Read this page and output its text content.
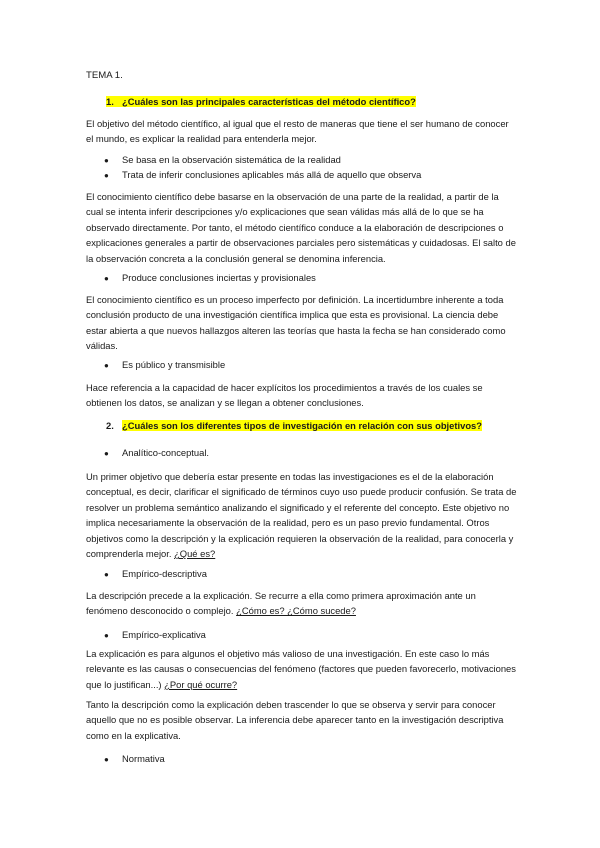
TEMA 1.
1. ¿Cuáles son las principales características del método científico?

El objetivo del método científico, al igual que el resto de maneras que tiene el ser humano de conocer el mundo, es explicar la realidad para entenderla mejor.

● Se basa en la observación sistemática de la realidad
● Trata de inferir conclusiones aplicables más allá de aquello que observa

El conocimiento científico debe basarse en la observación de una parte de la realidad, a partir de la cual se intenta inferir descripciones y/o explicaciones que sean válidas más allá de lo que se ha observado directamente. Por tanto, el método científico conduce a la elaboración de descripciones o explicaciones generales a partir de observaciones parciales pero sistemáticas y cuidadosas. El salto de la observación concreta a la conclusión general se denomina inferencia.

● Produce conclusiones inciertas y provisionales

El conocimiento científico es un proceso imperfecto por definición. La incertidumbre inherente a toda conclusión producto de una investigación científica implica que esta es provisional. La ciencia debe estar abierta a que nuevos hallazgos alteren las teorías que hasta la fecha se han considerado como válidas.

● Es público y transmisible

Hace referencia a la capacidad de hacer explícitos los procedimientos a través de los cuales se obtienen los datos, se analizan y se llegan a obtener conclusiones.

2. ¿Cuáles son los diferentes tipos de investigación en relación con sus objetivos?
● Analítico-conceptual.

Un primer objetivo que debería estar presente en todas las investigaciones es el de la elaboración conceptual, es decir, clarificar el significado de términos cuyo uso puede producir confusión. Se trata de resolver un problema semántico analizando el significado y el referente del concepto. Este objetivo no implica necesariamente la observación de la realidad, pero es un paso previo fundamental. Otros objetivos como la descripción y la explicación requieren la observación de la realidad, para conocerla y comprenderla mejor. ¿Qué es?

● Empírico-descriptiva

La descripción precede a la explicación. Se recurre a ella como primera aproximación ante un fenómeno desconocido o complejo. ¿Cómo es? ¿Cómo sucede?

● Empírico-explicativa

La explicación es para algunos el objetivo más valioso de una investigación. En este caso lo más relevante es las causas o consecuencias del fenómeno (factores que pueden favorecerlo, motivaciones que lo justifican...) ¿Por qué ocurre?

Tanto la descripción como la explicación deben trascender lo que se observa y servir para conocer aquello que no es posible observar. La inferencia debe aparecer tanto en la investigación descriptiva como en la explicativa.

● Normativa
